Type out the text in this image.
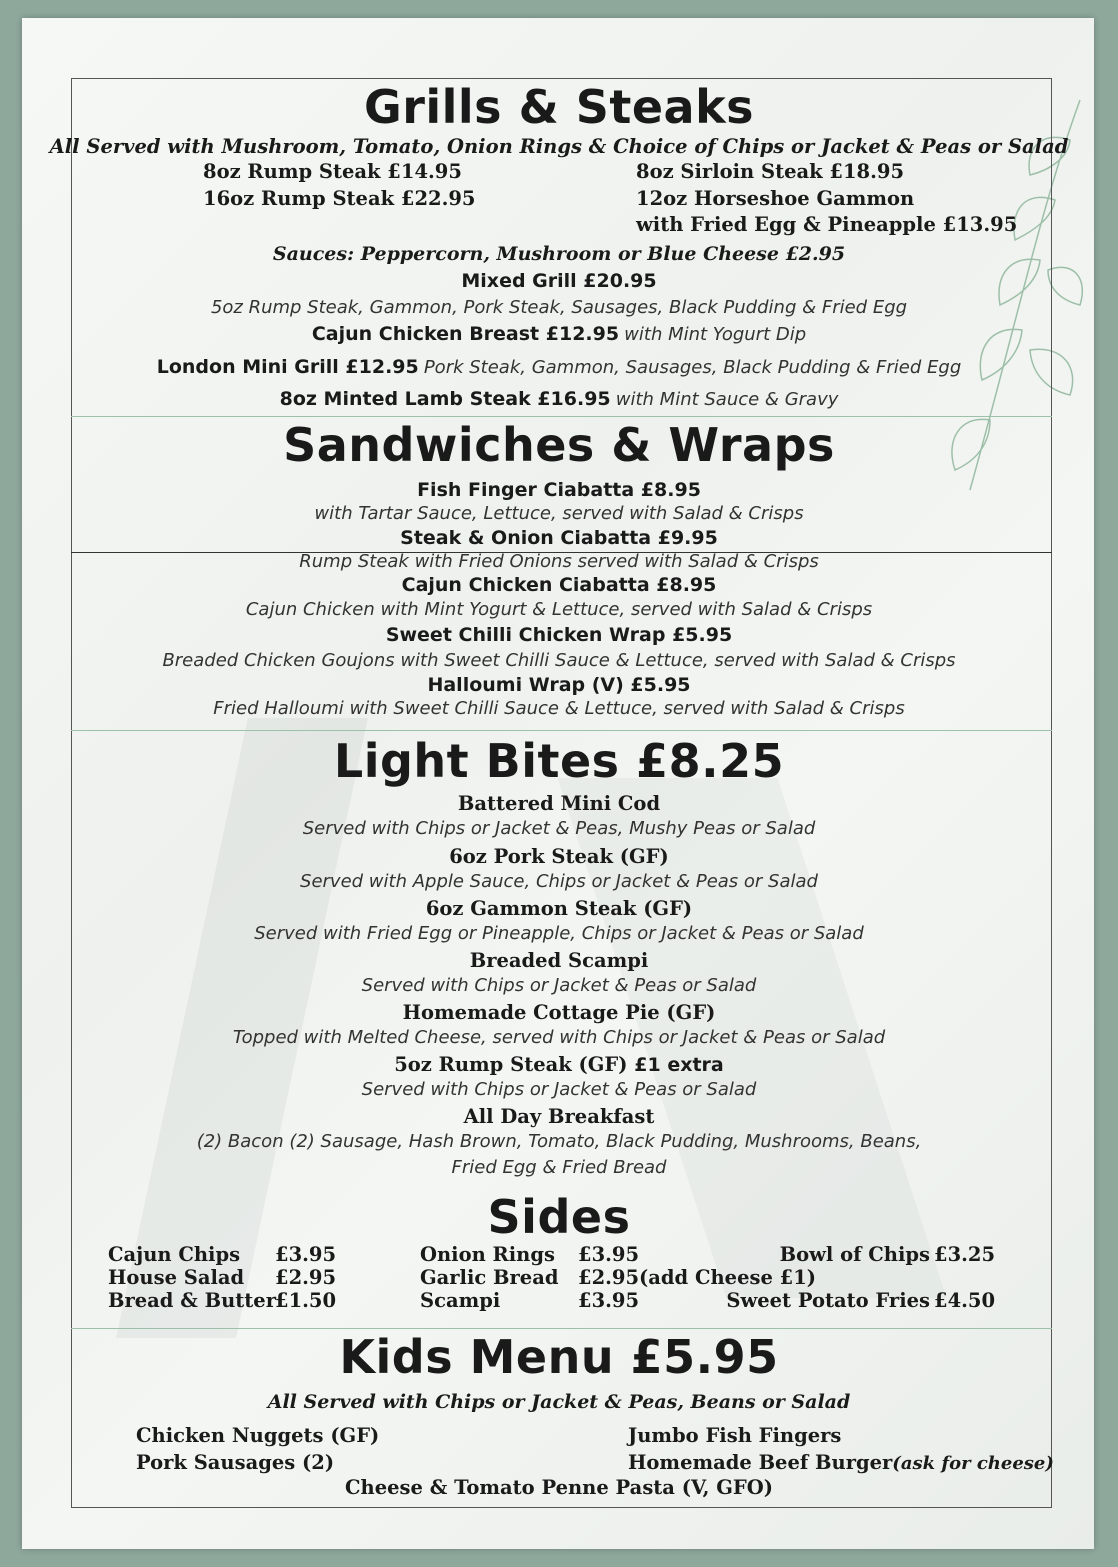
Grills & Steaks
All Served with Mushroom, Tomato, Onion Rings & Choice of Chips or Jacket & Peas or Salad
8oz Rump Steak £14.95
16oz Rump Steak £22.95
8oz Sirloin Steak £18.95
12oz Horseshoe Gammon
with Fried Egg & Pineapple £13.95
Sauces: Peppercorn, Mushroom or Blue Cheese £2.95
Mixed Grill £20.95
5oz Rump Steak, Gammon, Pork Steak, Sausages, Black Pudding & Fried Egg
Cajun Chicken Breast £12.95 with Mint Yogurt Dip
London Mini Grill £12.95 Pork Steak, Gammon, Sausages, Black Pudding & Fried Egg
8oz Minted Lamb Steak £16.95 with Mint Sauce & Gravy
Sandwiches & Wraps
Fish Finger Ciabatta £8.95
with Tartar Sauce, Lettuce, served with Salad & Crisps
Steak & Onion Ciabatta £9.95
Rump Steak with Fried Onions served with Salad & Crisps
Cajun Chicken Ciabatta £8.95
Cajun Chicken with Mint Yogurt & Lettuce, served with Salad & Crisps
Sweet Chilli Chicken Wrap £5.95
Breaded Chicken Goujons with Sweet Chilli Sauce & Lettuce, served with Salad & Crisps
Halloumi Wrap (V) £5.95
Fried Halloumi with Sweet Chilli Sauce & Lettuce, served with Salad & Crisps
Light Bites £8.25
Battered Mini Cod
Served with Chips or Jacket & Peas, Mushy Peas or Salad
6oz Pork Steak (GF)
Served with Apple Sauce, Chips or Jacket & Peas or Salad
6oz Gammon Steak (GF)
Served with Fried Egg or Pineapple, Chips or Jacket & Peas or Salad
Breaded Scampi
Served with Chips or Jacket & Peas or Salad
Homemade Cottage Pie (GF)
Topped with Melted Cheese, served with Chips or Jacket & Peas or Salad
5oz Rump Steak (GF) £1 extra
Served with Chips or Jacket & Peas or Salad
All Day Breakfast
(2) Bacon (2) Sausage, Hash Brown, Tomato, Black Pudding, Mushrooms, Beans,
Fried Egg & Fried Bread
Sides
Cajun Chips £3.95
House Salad £2.95
Bread & Butter £1.50
Onion Rings £3.95
Garlic Bread £2.95(add Cheese £1)
Scampi	£3.95
Bowl of Chips £3.25
Sweet Potato Fries £4.50
Kids Menu £5.95
All Served with Chips or Jacket & Peas, Beans or Salad
Chicken Nuggets (GF)
Pork Sausages (2)
Jumbo Fish Fingers
Homemade Beef Burger(ask for cheese)
Cheese & Tomato Penne Pasta (V, GFO)
